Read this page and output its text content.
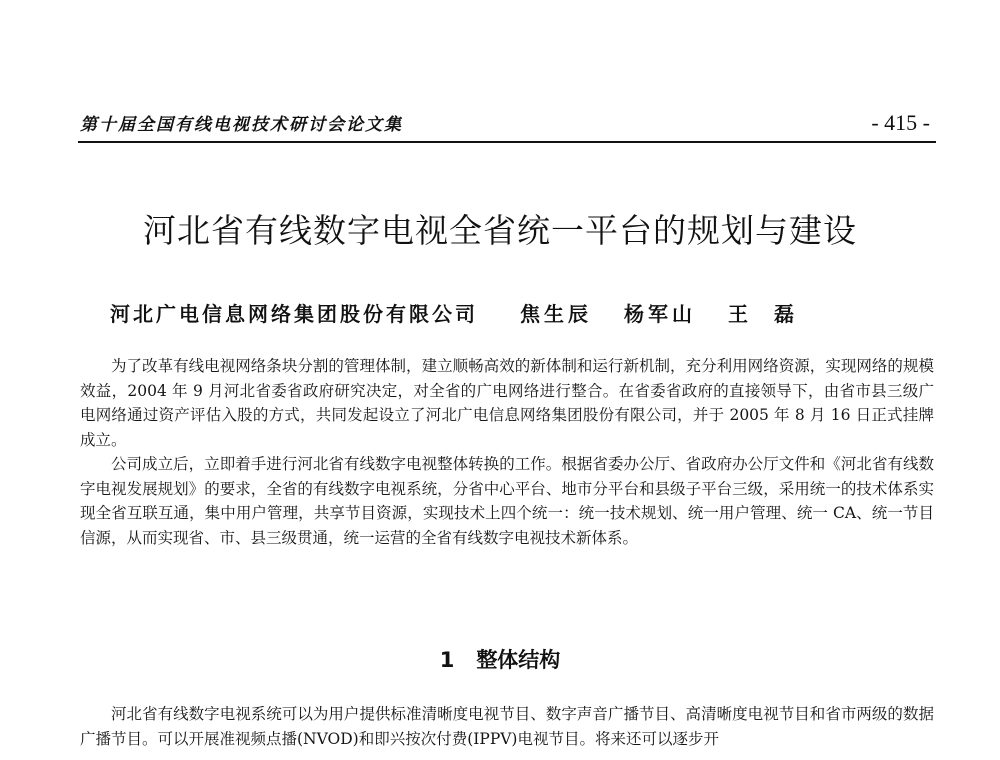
第十届全国有线电视技术研讨会论文集	- 415 -
河北省有线数字电视全省统一平台的规划与建设
河北广电信息网络集团股份有限公司 焦生辰 杨军山 王磊

为了改革有线电视网络条块分割的管理体制，建立顺畅高效的新体制和运行新机制，充分利用网络资源，实现网络的规模效益，2004 年 9 月河北省委省政府研究决定，对全省的广电网络进行整合。在省委省政府的直接领导下，由省市县三级广电网络通过资产评估入股的方式，共同发起设立了河北广电信息网络集团股份有限公司，并于 2005 年 8 月 16 日正式挂牌成立。

公司成立后，立即着手进行河北省有线数字电视整体转换的工作。根据省委办公厅、省政府办公厅文件和《河北省有线数字电视发展规划》的要求，全省的有线数字电视系统，分省中心平台、地市分平台和县级子平台三级，采用统一的技术体系实现全省互联互通，集中用户管理，共享节目资源，实现技术上四个统一：统一技术规划、统一用户管理、统一 CA、统一节目信源，从而实现省、市、县三级贯通，统一运营的全省有线数字电视技术新体系。

1 整体结构

河北省有线数字电视系统可以为用户提供标准清晰度电视节目、数字声音广播节目、高清晰度电视节目和省市两级的数据广播节目。可以开展准视频点播(NVOD)和即兴按次付费(IPPV)电视节目。将来还可以逐步开
